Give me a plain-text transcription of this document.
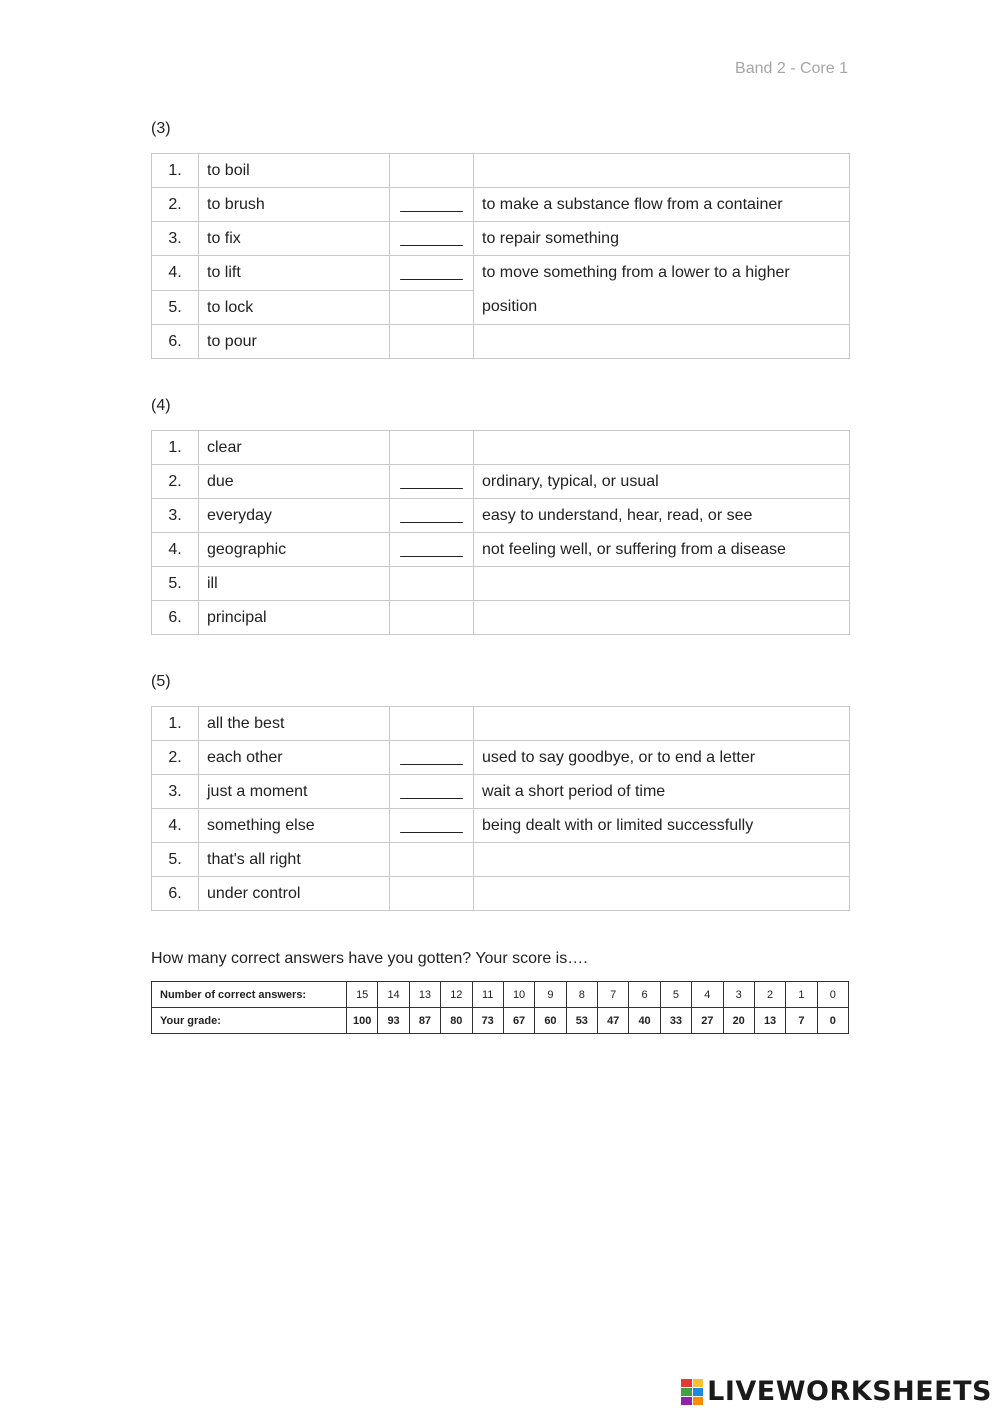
Band 2 - Core 1
(3)
1.	to boil		
2.	to brush	_______	to make a substance flow from a container
3.	to fix	_______	to repair something
4.	to lift	_______	to move something from a lower to a higher
position
5.	to lock		
6.	to pour		
(4)
1.	clear		
2.	due	_______	ordinary, typical, or usual
3.	everyday	_______	easy to understand, hear, read, or see
4.	geographic	_______	not feeling well, or suffering from a disease
5.	ill		
6.	principal		
(5)
1.	all the best		
2.	each other	_______	used to say goodbye, or to end a letter
3.	just a moment	_______	wait a short period of time
4.	something else	_______	being dealt with or limited successfully
5.	that's all right		
6.	under control		
How many correct answers have you gotten? Your score is….
Number of correct answers:	15	14	13	12	11	10	9	8	7	6	5	4	3	2	1	0
Your grade:	100	93	87	80	73	67	60	53	47	40	33	27	20	13	7	0
LIVEWORKSHEETS
